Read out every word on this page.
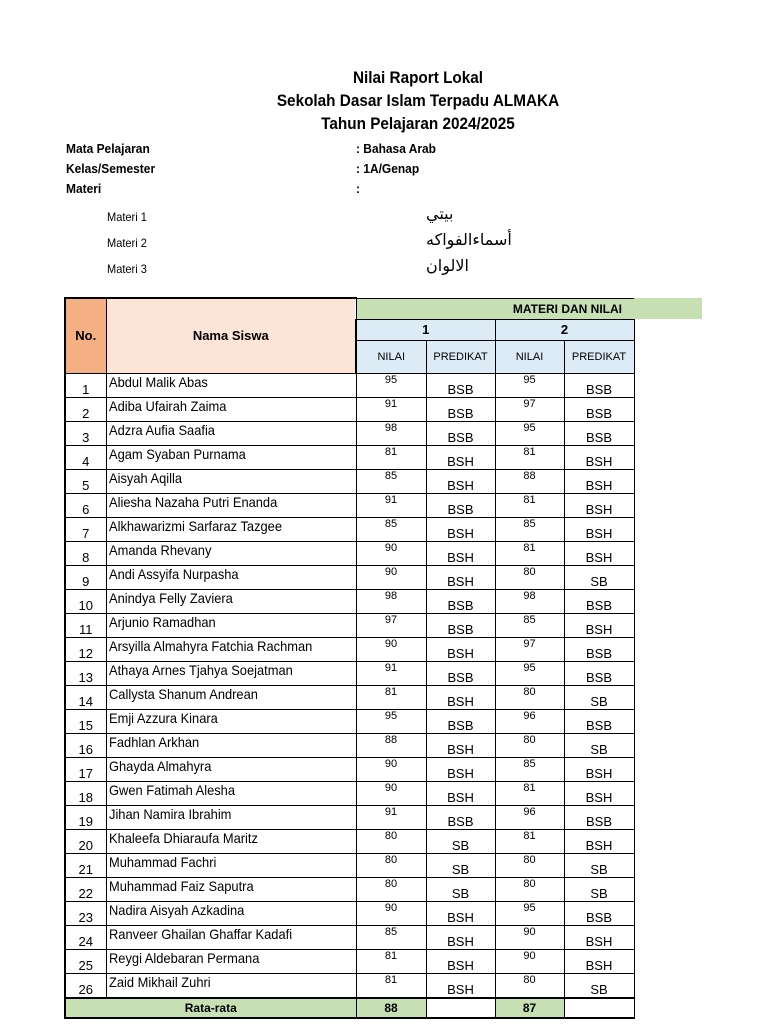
Nilai Raport Lokal
Sekolah Dasar Islam Terpadu ALMAKA
Tahun Pelajaran 2024/2025
Mata Pelajaran	: Bahasa Arab
Kelas/Semester	: 1A/Genap
Materi	:
Materi 1	بيتي
Materi 2	أسماءالفواكه
Materi 3	الالوان
No.	Nama Siswa	MATERI DAN NILAI				
		1		2		
		NILAI	PREDIKAT	NILAI	PREDIKAT	
1	Abdul Malik Abas	95	BSB	95	BSB	
2	Adiba Ufairah Zaima	91	BSB	97	BSB	
3	Adzra Aufia Saafia	98	BSB	95	BSB	
4	Agam Syaban Purnama	81	BSH	81	BSH	
5	Aisyah Aqilla	85	BSH	88	BSH	
6	Aliesha Nazaha Putri Enanda	91	BSB	81	BSH	
7	Alkhawarizmi Sarfaraz Tazgee	85	BSH	85	BSH	
8	Amanda Rhevany	90	BSH	81	BSH	
9	Andi Assyifa Nurpasha	90	BSH	80	SB	
10	Anindya Felly Zaviera	98	BSB	98	BSB	
11	Arjunio Ramadhan	97	BSB	85	BSH	
12	Arsyilla Almahyra Fatchia Rachman	90	BSH	97	BSB	
13	Athaya Arnes Tjahya Soejatman	91	BSB	95	BSB	
14	Callysta Shanum Andrean	81	BSH	80	SB	
15	Emji Azzura Kinara	95	BSB	96	BSB	
16	Fadhlan Arkhan	88	BSH	80	SB	
17	Ghayda Almahyra	90	BSH	85	BSH	
18	Gwen Fatimah Alesha	90	BSH	81	BSH	
19	Jihan Namira Ibrahim	91	BSB	96	BSB	
20	Khaleefa Dhiaraufa Maritz	80	SB	81	BSH	
21	Muhammad Fachri	80	SB	80	SB	
22	Muhammad Faiz Saputra	80	SB	80	SB	
23	Nadira Aisyah Azkadina	90	BSH	95	BSB	
24	Ranveer Ghailan Ghaffar Kadafi	85	BSH	90	BSH	
25	Reygi Aldebaran Permana	81	BSH	90	BSH	
26	Zaid Mikhail Zuhri	81	BSH	80	SB	
Rata-rata		88		87		
